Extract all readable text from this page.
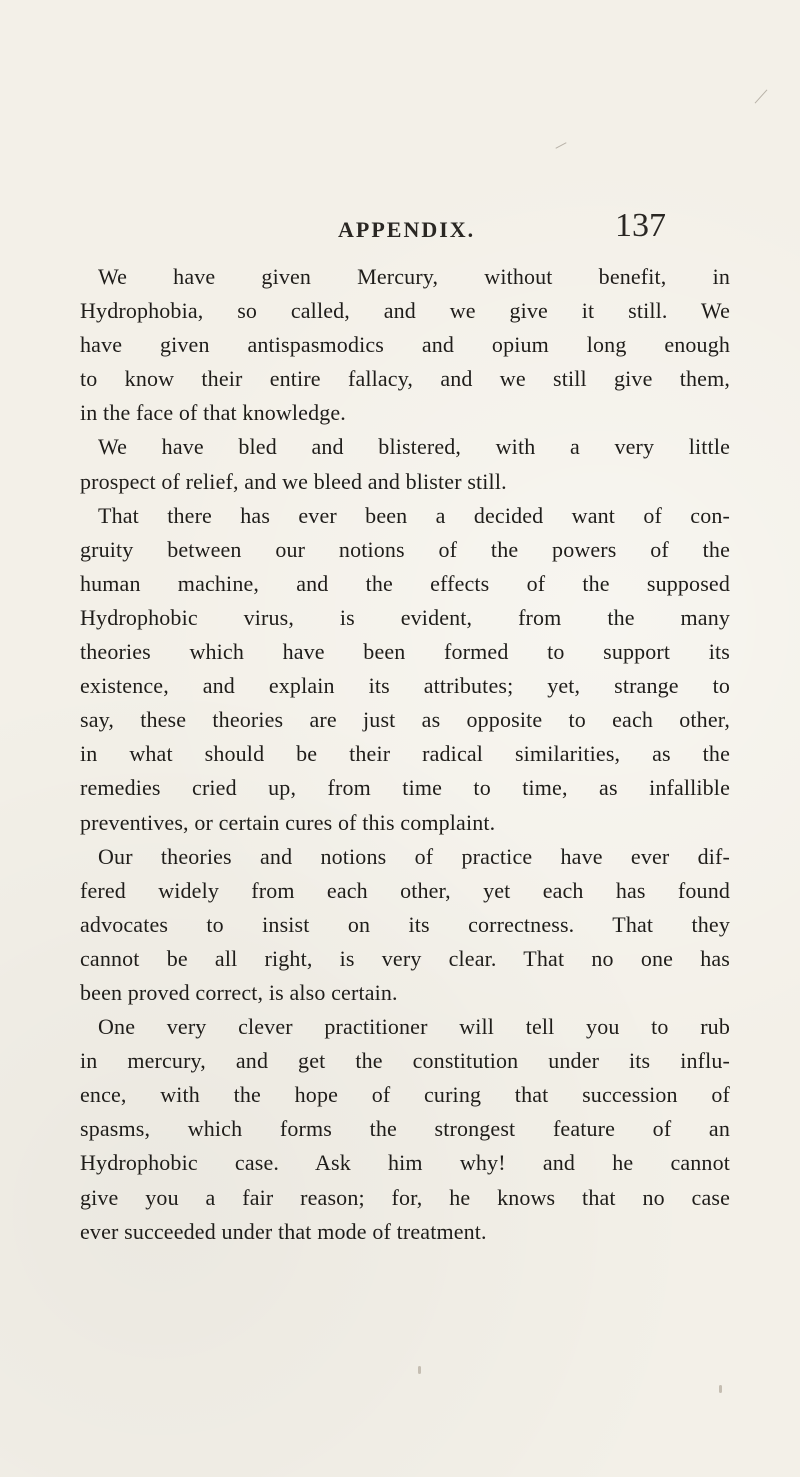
APPENDIX.	137
We have given Mercury, without benefit, in
Hydrophobia, so called, and we give it still. We
have given antispasmodics and opium long enough
to know their entire fallacy, and we still give them,
in the face of that knowledge.
We have bled and blistered, with a very little
prospect of relief, and we bleed and blister still.
That there has ever been a decided want of con-
gruity between our notions of the powers of the
human machine, and the effects of the supposed
Hydrophobic virus, is evident, from the many
theories which have been formed to support its
existence, and explain its attributes; yet, strange to
say, these theories are just as opposite to each other,
in what should be their radical similarities, as the
remedies cried up, from time to time, as infallible
preventives, or certain cures of this complaint.
Our theories and notions of practice have ever dif-
fered widely from each other, yet each has found
advocates to insist on its correctness. That they
cannot be all right, is very clear. That no one has
been proved correct, is also certain.
One very clever practitioner will tell you to rub
in mercury, and get the constitution under its influ-
ence, with the hope of curing that succession of
spasms, which forms the strongest feature of an
Hydrophobic case. Ask him why! and he cannot
give you a fair reason; for, he knows that no case
ever succeeded under that mode of treatment.
